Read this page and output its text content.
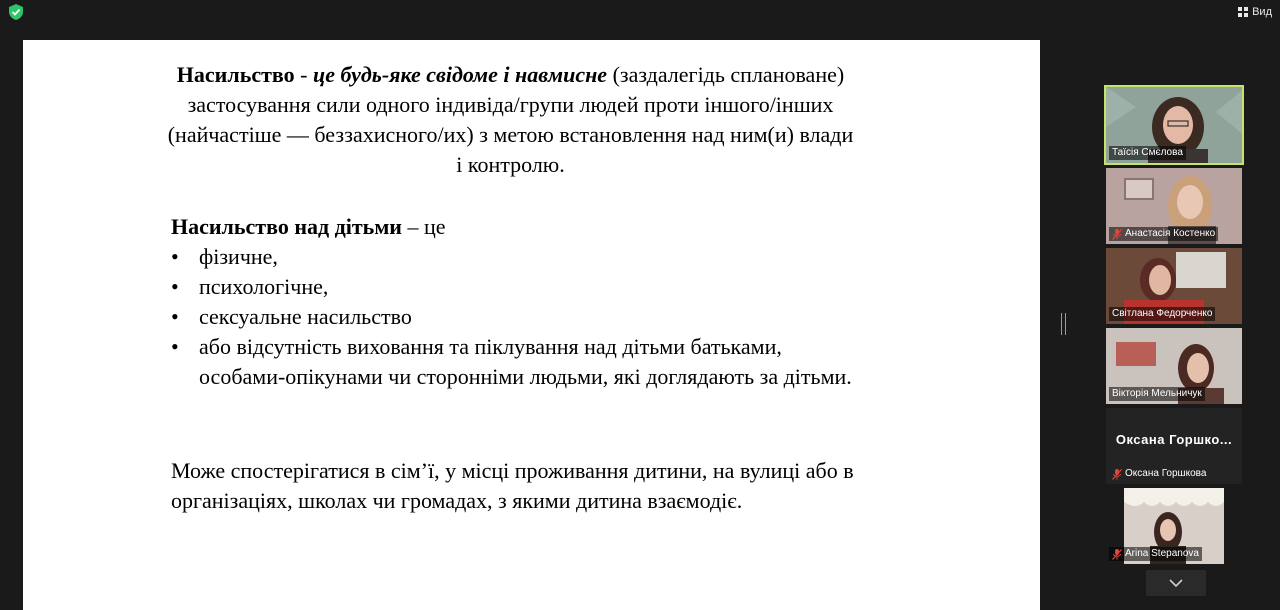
Вид
Насильство - це будь-яке свідоме і навмисне (заздалегідь сплановане) застосування сили одного індивіда/групи людей проти іншого/інших (найчастіше — беззахисного/их) з метою встановлення над ним(и) влади і контролю.
Насильство над дітьми – це
• фізичне,
• психологічне,
• сексуальне насильство
• або відсутність виховання та піклування над дітьми батьками, особами-опікунами чи сторонніми людьми, які доглядають за дітьми.
Може спостерігатися в сім’ї, у місці проживання дитини, на вулиці або в організаціях, школах чи громадах, з якими дитина взаємодіє.
Таїсія Смєлова
Анастасія Костенко
Світлана Федорченко
Вікторія Мельничук
Оксана Горшко...
Оксана Горшкова
Arina Stepanova
